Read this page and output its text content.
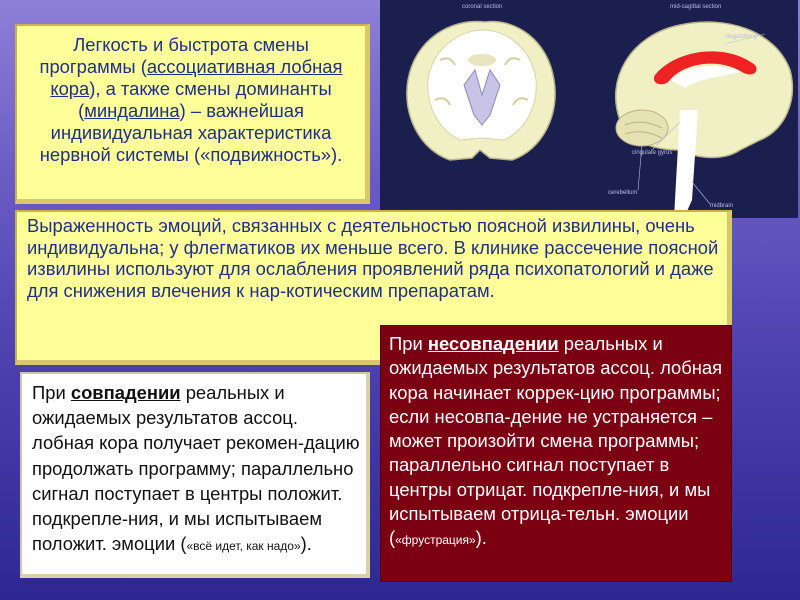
Легкость и быстрота смены программы (ассоциативная лобная кора), а также смены доминанты (миндалина) – важнейшая индивидуальная характеристика нервной системы («подвижность»).
coronal section	mid-sagittal section
cingulotomy
cingulate gyrus
cerebellum
midbrain
Выраженность эмоций, связанных с деятельностью поясной извилины, очень индивидуальна; у флегматиков их меньше всего. В клинике рассечение поясной извилины используют для ослабления проявлений ряда психопатологий и даже для снижения влечения к нар-котическим препаратам.
При совпадении реальных и ожидаемых результатов ассоц. лобная кора получает рекомен-дацию продолжать программу; параллельно сигнал поступает в центры положит. подкрепле-ния, и мы испытываем положит. эмоции («всё идет, как надо»).
При несовпадении реальных и ожидаемых результатов ассоц. лобная кора начинает коррек-цию программы; если несовпа-дение не устраняется – может произойти смена программы; параллельно сигнал поступает в центры отрицат. подкрепле-ния, и мы испытываем отрица-тельн. эмоции («фрустрация»).
